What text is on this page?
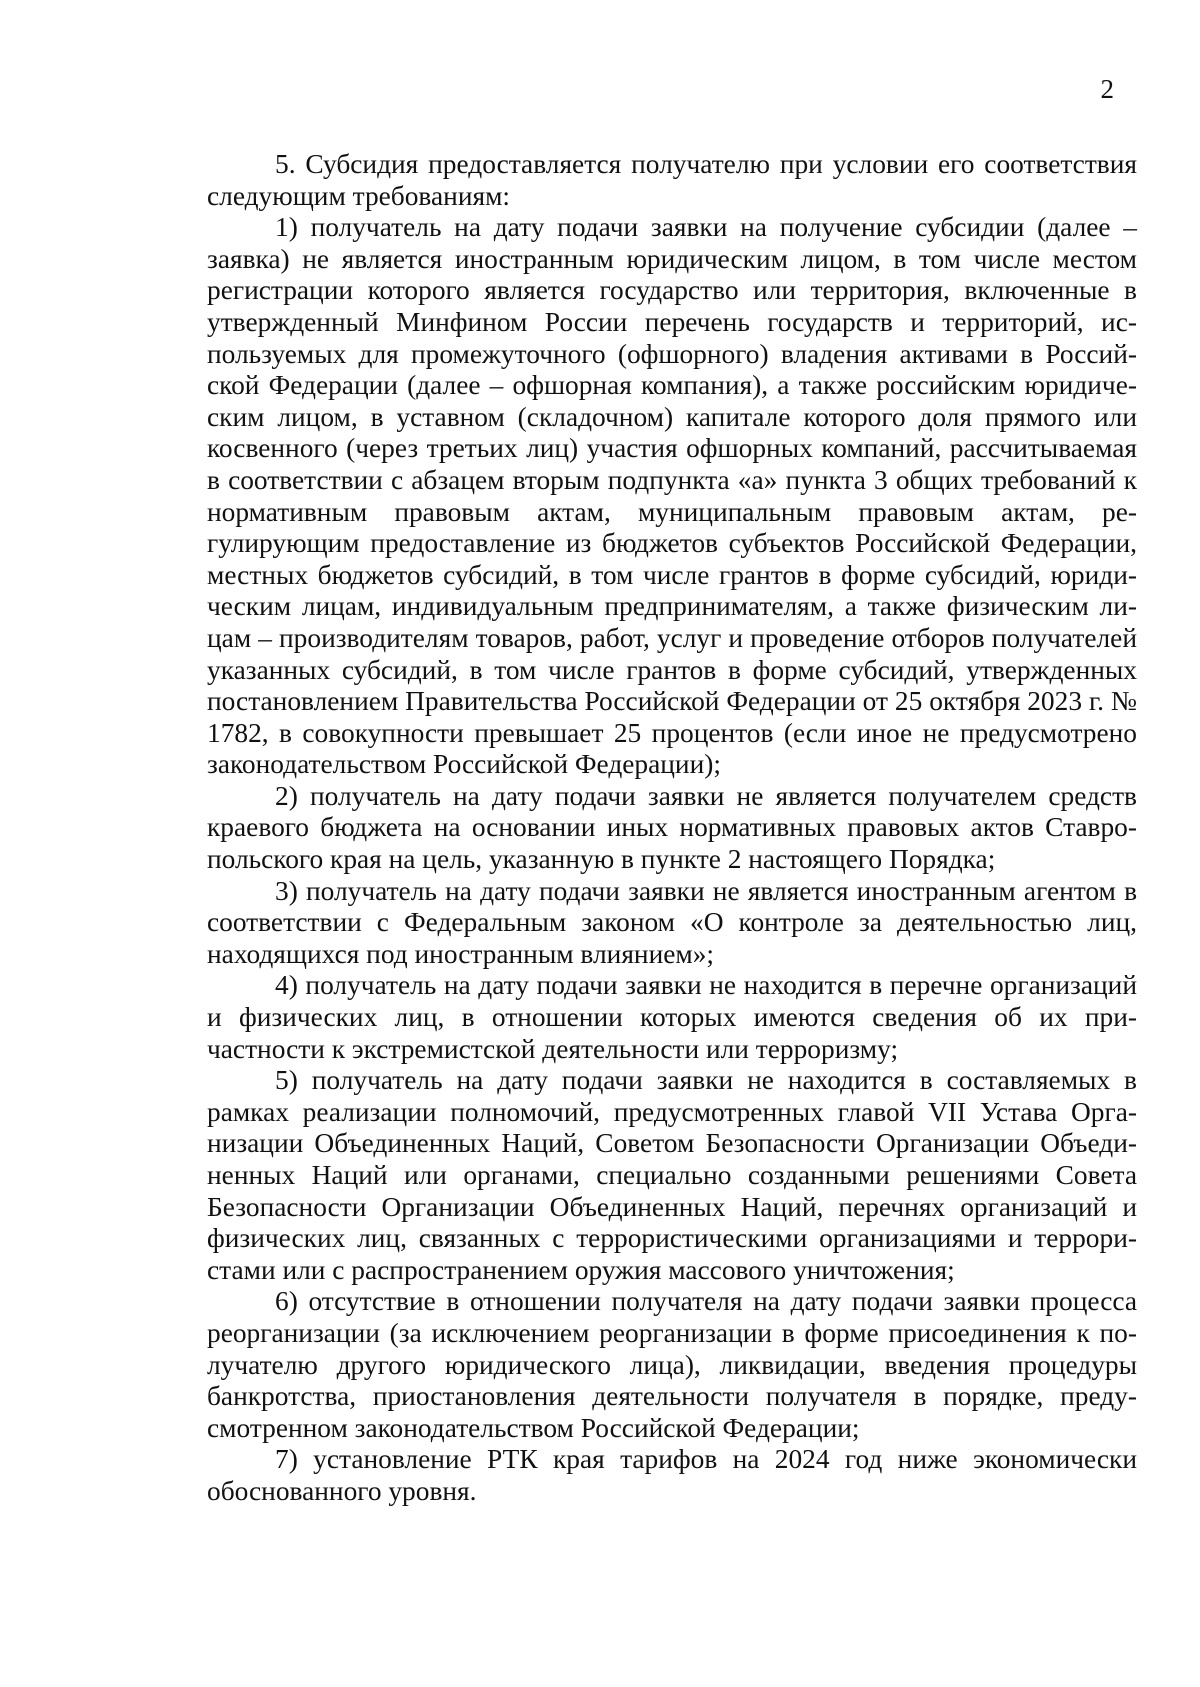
2

5. Субсидия предоставляется получателю при условии его соответствия следующим требованиям:

1) получатель на дату подачи заявки на получение субсидии (далее – заявка) не является иностранным юридическим лицом, в том числе местом регистрации которого является государство или территория, включенные в утвержденный Минфином России перечень государств и территорий, используемых для промежуточного (офшорного) владения активами в Российской Федерации (далее – офшорная компания), а также российским юридическим лицом, в уставном (складочном) капитале которого доля прямого или косвенного (через третьих лиц) участия офшорных компаний, рассчитываемая в соответствии с абзацем вторым подпункта «а» пункта 3 общих требований к нормативным правовым актам, муниципальным правовым актам, регулирующим предоставление из бюджетов субъектов Российской Федерации, местных бюджетов субсидий, в том числе грантов в форме субсидий, юридическим лицам, индивидуальным предпринимателям, а также физическим лицам – производителям товаров, работ, услуг и проведение отборов получателей указанных субсидий, в том числе грантов в форме субсидий, утвержденных постановлением Правительства Российской Федерации от 25 октября 2023 г. № 1782, в совокупности превышает 25 процентов (если иное не предусмотрено законодательством Российской Федерации);

2) получатель на дату подачи заявки не является получателем средств краевого бюджета на основании иных нормативных правовых актов Ставропольского края на цель, указанную в пункте 2 настоящего Порядка;

3) получатель на дату подачи заявки не является иностранным агентом в соответствии с Федеральным законом «О контроле за деятельностью лиц, находящихся под иностранным влиянием»;

4) получатель на дату подачи заявки не находится в перечне организаций и физических лиц, в отношении которых имеются сведения об их причастности к экстремистской деятельности или терроризму;

5) получатель на дату подачи заявки не находится в составляемых в рамках реализации полномочий, предусмотренных главой VII Устава Организации Объединенных Наций, Советом Безопасности Организации Объединенных Наций или органами, специально созданными решениями Совета Безопасности Организации Объединенных Наций, перечнях организаций и физических лиц, связанных с террористическими организациями и террористами или с распространением оружия массового уничтожения;

6) отсутствие в отношении получателя на дату подачи заявки процесса реорганизации (за исключением реорганизации в форме присоединения к получателю другого юридического лица), ликвидации, введения процедуры банкротства, приостановления деятельности получателя в порядке, предусмотренном законодательством Российской Федерации;

7) установление РТК края тарифов на 2024 год ниже экономически обоснованного уровня.
